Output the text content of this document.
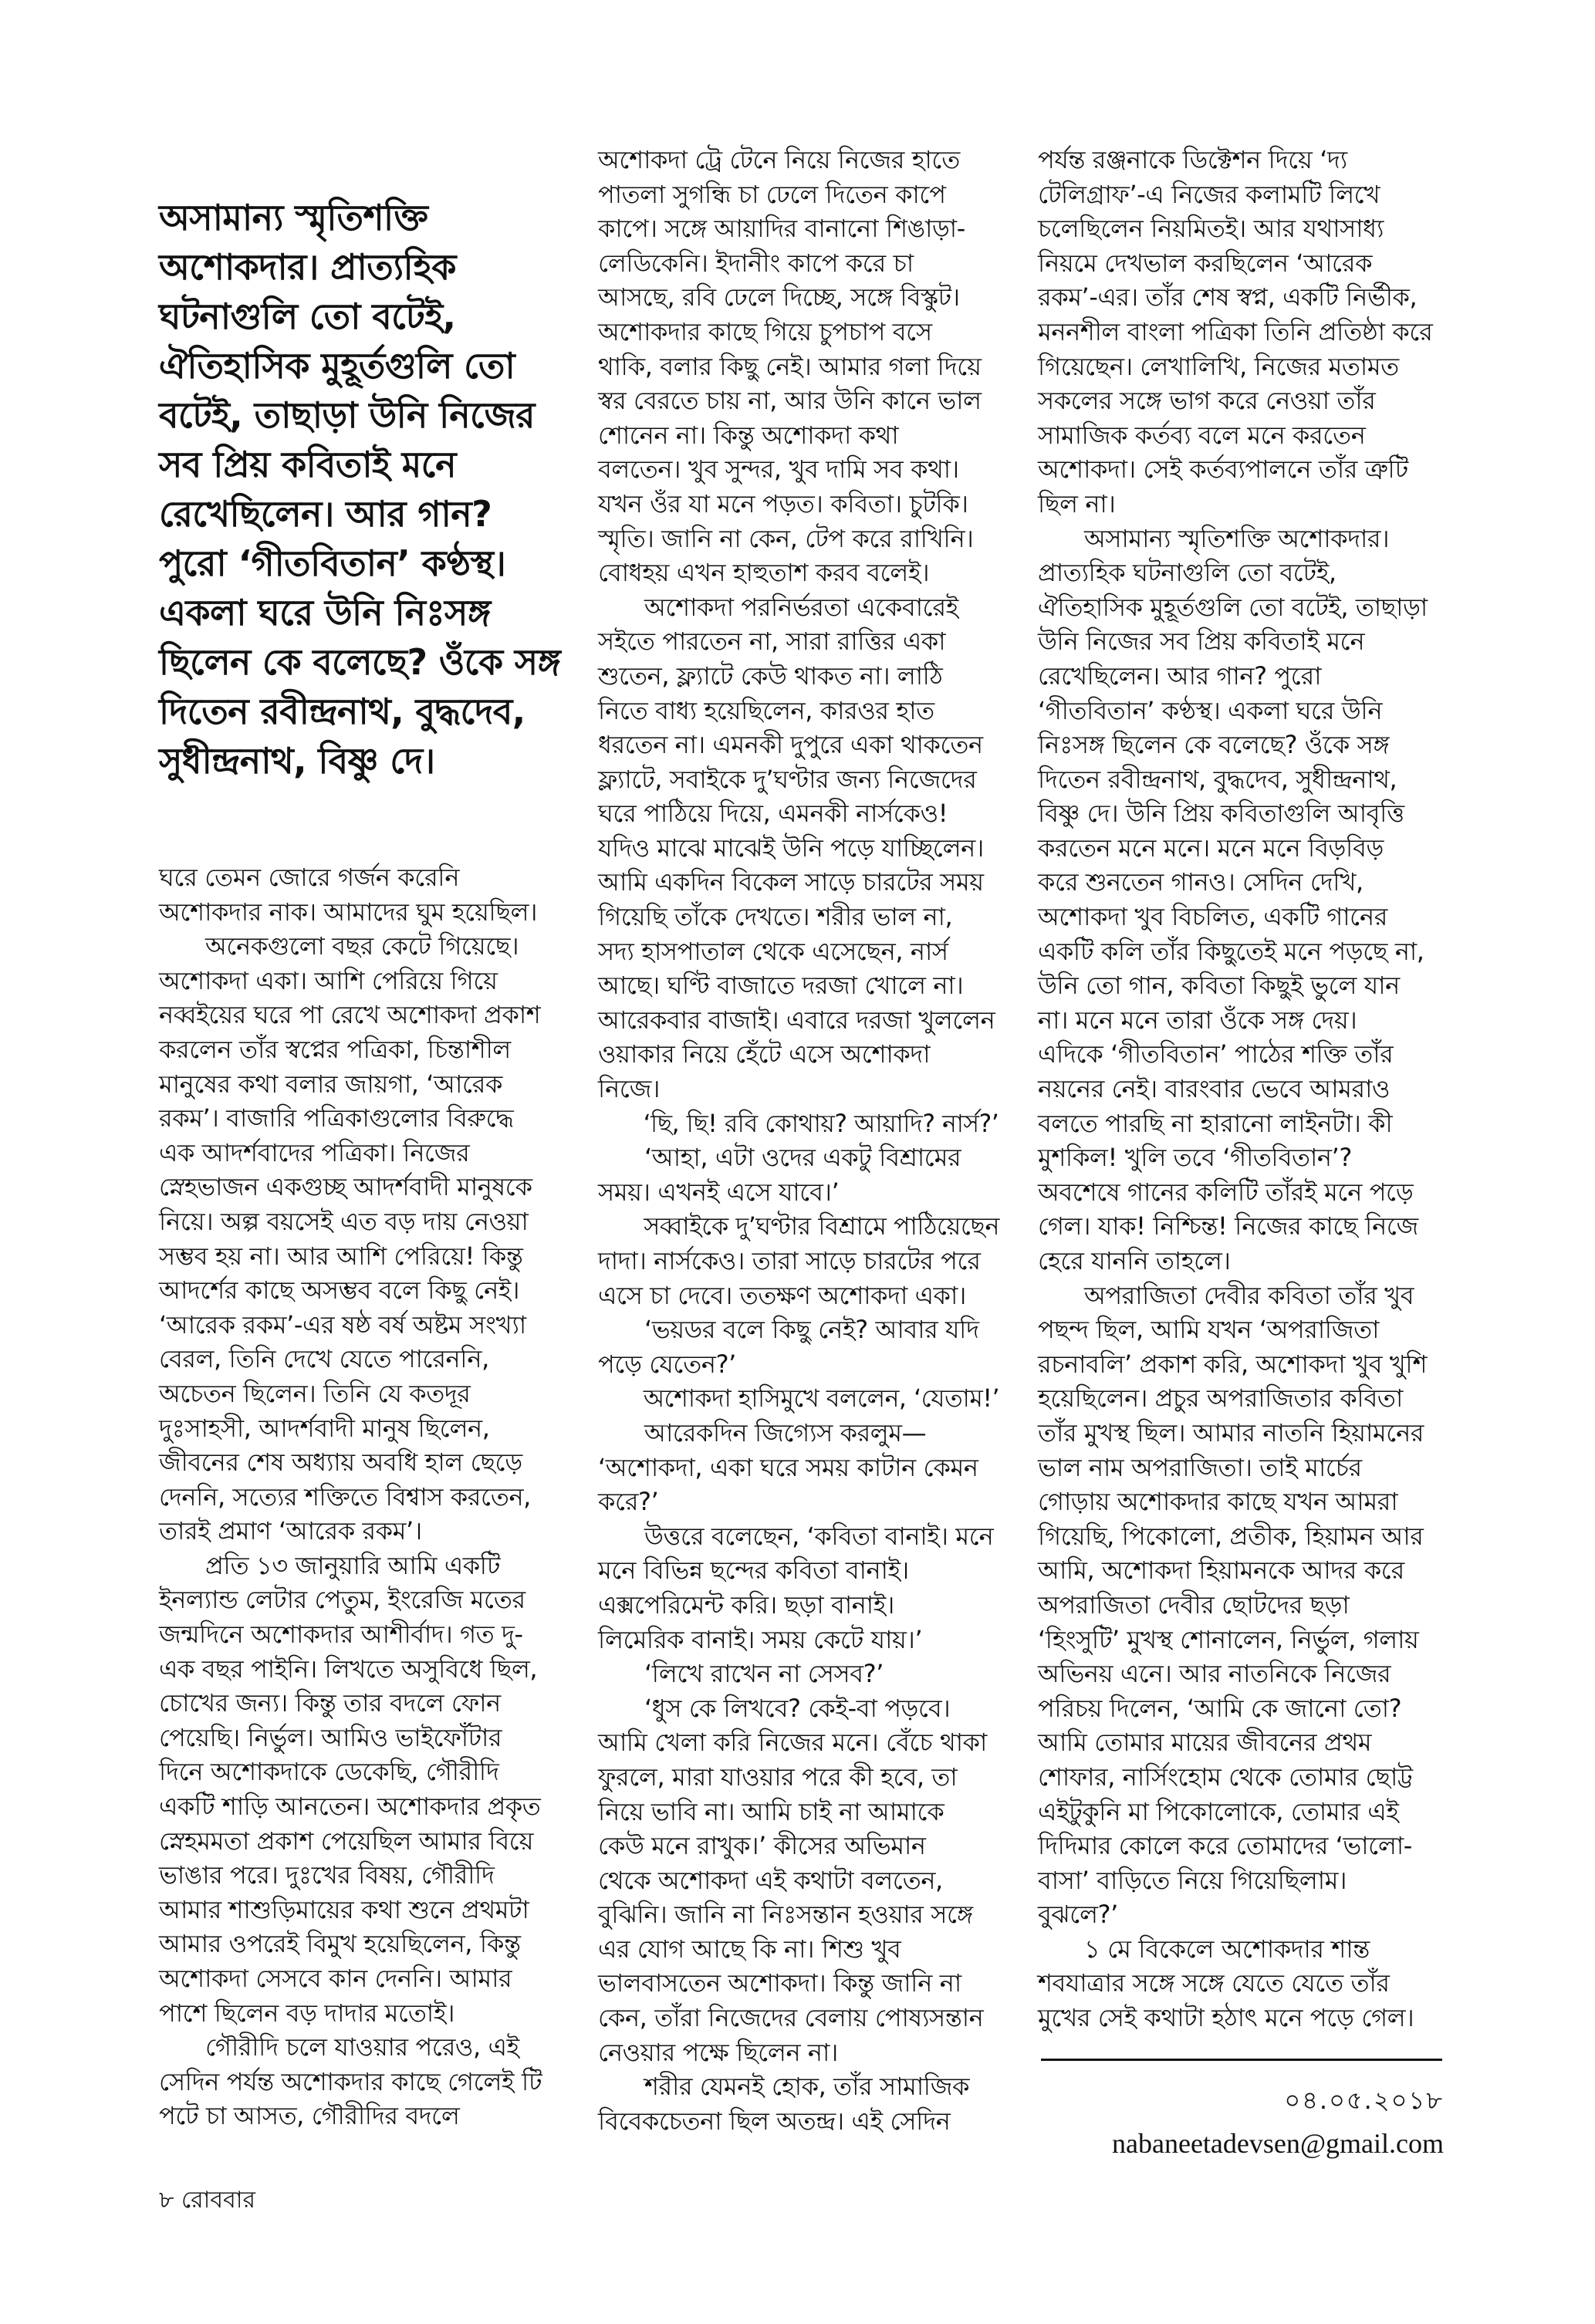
অসামান্য স্মৃতিশক্তি
অশোকদার। প্রাত্যহিক
ঘটনাগুলি তো বটেই,
ঐতিহাসিক মুহূর্তগুলি তো
বটেই, তাছাড়া উনি নিজের
সব প্রিয় কবিতাই মনে
রেখেছিলেন। আর গান?
পুরো ‘গীতবিতান’ কণ্ঠস্থ।
একলা ঘরে উনি নিঃসঙ্গ
ছিলেন কে বলেছে? ওঁকে সঙ্গ
দিতেন রবীন্দ্রনাথ, বুদ্ধদেব,
সুধীন্দ্রনাথ, বিষ্ণু দে।
ঘরে তেমন জোরে গর্জন করেনি
অশোকদার নাক। আমাদের ঘুম হয়েছিল।
অনেকগুলো বছর কেটে গিয়েছে।
অশোকদা একা। আশি পেরিয়ে গিয়ে
নব্বইয়ের ঘরে পা রেখে অশোকদা প্রকাশ
করলেন তাঁর স্বপ্নের পত্রিকা, চিন্তাশীল
মানুষের কথা বলার জায়গা, ‘আরেক
রকম’। বাজারি পত্রিকাগুলোর বিরুদ্ধে
এক আদর্শবাদের পত্রিকা। নিজের
স্নেহভাজন একগুচ্ছ আদর্শবাদী মানুষকে
নিয়ে। অল্প বয়সেই এত বড় দায় নেওয়া
সম্ভব হয় না। আর আশি পেরিয়ে! কিন্তু
আদর্শের কাছে অসম্ভব বলে কিছু নেই।
‘আরেক রকম’-এর ষষ্ঠ বর্ষ অষ্টম সংখ্যা
বেরল, তিনি দেখে যেতে পারেননি,
অচেতন ছিলেন। তিনি যে কতদূর
দুঃসাহসী, আদর্শবাদী মানুষ ছিলেন,
জীবনের শেষ অধ্যায় অবধি হাল ছেড়ে
দেননি, সত্যের শক্তিতে বিশ্বাস করতেন,
তারই প্রমাণ ‘আরেক রকম’।
প্রতি ১৩ জানুয়ারি আমি একটি
ইনল্যান্ড লেটার পেতুম, ইংরেজি মতের
জন্মদিনে অশোকদার আশীর্বাদ। গত দু-
এক বছর পাইনি। লিখতে অসুবিধে ছিল,
চোখের জন্য। কিন্তু তার বদলে ফোন
পেয়েছি। নির্ভুল। আমিও ভাইফোঁটার
দিনে অশোকদাকে ডেকেছি, গৌরীদি
একটি শাড়ি আনতেন। অশোকদার প্রকৃত
স্নেহমমতা প্রকাশ পেয়েছিল আমার বিয়ে
ভাঙার পরে। দুঃখের বিষয়, গৌরীদি
আমার শাশুড়িমায়ের কথা শুনে প্রথমটা
আমার ওপরেই বিমুখ হয়েছিলেন, কিন্তু
অশোকদা সেসবে কান দেননি। আমার
পাশে ছিলেন বড় দাদার মতোই।
গৌরীদি চলে যাওয়ার পরেও, এই
সেদিন পর্যন্ত অশোকদার কাছে গেলেই টি
পটে চা আসত, গৌরীদির বদলে
অশোকদা ট্রে টেনে নিয়ে নিজের হাতে
পাতলা সুগন্ধি চা ঢেলে দিতেন কাপে
কাপে। সঙ্গে আয়াদির বানানো শিঙাড়া-
লেডিকেনি। ইদানীং কাপে করে চা
আসছে, রবি ঢেলে দিচ্ছে, সঙ্গে বিস্কুট।
অশোকদার কাছে গিয়ে চুপচাপ বসে
থাকি, বলার কিছু নেই। আমার গলা দিয়ে
স্বর বেরতে চায় না, আর উনি কানে ভাল
শোনেন না। কিন্তু অশোকদা কথা
বলতেন। খুব সুন্দর, খুব দামি সব কথা।
যখন ওঁর যা মনে পড়ত। কবিতা। চুটকি।
স্মৃতি। জানি না কেন, টেপ করে রাখিনি।
বোধহয় এখন হাহুতাশ করব বলেই।
অশোকদা পরনির্ভরতা একেবারেই
সইতে পারতেন না, সারা রাত্তির একা
শুতেন, ফ্ল্যাটে কেউ থাকত না। লাঠি
নিতে বাধ্য হয়েছিলেন, কারওর হাত
ধরতেন না। এমনকী দুপুরে একা থাকতেন
ফ্ল্যাটে, সবাইকে দু’ঘণ্টার জন্য নিজেদের
ঘরে পাঠিয়ে দিয়ে, এমনকী নার্সকেও!
যদিও মাঝে মাঝেই উনি পড়ে যাচ্ছিলেন।
আমি একদিন বিকেল সাড়ে চারটের সময়
গিয়েছি তাঁকে দেখতে। শরীর ভাল না,
সদ্য হাসপাতাল থেকে এসেছেন, নার্স
আছে। ঘণ্টি বাজাতে দরজা খোলে না।
আরেকবার বাজাই। এবারে দরজা খুললেন
ওয়াকার নিয়ে হেঁটে এসে অশোকদা
নিজে।
‘ছি, ছি! রবি কোথায়? আয়াদি? নার্স?’
‘আহা, এটা ওদের একটু বিশ্রামের
সময়। এখনই এসে যাবে।’
সব্বাইকে দু’ঘণ্টার বিশ্রামে পাঠিয়েছেন
দাদা। নার্সকেও। তারা সাড়ে চারটের পরে
এসে চা দেবে। ততক্ষণ অশোকদা একা।
‘ভয়ডর বলে কিছু নেই? আবার যদি
পড়ে যেতেন?’
অশোকদা হাসিমুখে বললেন, ‘যেতাম!’
আরেকদিন জিগ্যেস করলুম—
‘অশোকদা, একা ঘরে সময় কাটান কেমন
করে?’
উত্তরে বলেছেন, ‘কবিতা বানাই। মনে
মনে বিভিন্ন ছন্দের কবিতা বানাই।
এক্সপেরিমেন্ট করি। ছড়া বানাই।
লিমেরিক বানাই। সময় কেটে যায়।’
‘লিখে রাখেন না সেসব?’
‘ধুস কে লিখবে? কেই-বা পড়বে।
আমি খেলা করি নিজের মনে। বেঁচে থাকা
ফুরলে, মারা যাওয়ার পরে কী হবে, তা
নিয়ে ভাবি না। আমি চাই না আমাকে
কেউ মনে রাখুক।’ কীসের অভিমান
থেকে অশোকদা এই কথাটা বলতেন,
বুঝিনি। জানি না নিঃসন্তান হওয়ার সঙ্গে
এর যোগ আছে কি না। শিশু খুব
ভালবাসতেন অশোকদা। কিন্তু জানি না
কেন, তাঁরা নিজেদের বেলায় পোষ্যসন্তান
নেওয়ার পক্ষে ছিলেন না।
শরীর যেমনই হোক, তাঁর সামাজিক
বিবেকচেতনা ছিল অতন্দ্র। এই সেদিন
পর্যন্ত রঞ্জনাকে ডিক্টেশন দিয়ে ‘দ্য
টেলিগ্রাফ’-এ নিজের কলামটি লিখে
চলেছিলেন নিয়মিতই। আর যথাসাধ্য
নিয়মে দেখভাল করছিলেন ‘আরেক
রকম’-এর। তাঁর শেষ স্বপ্ন, একটি নির্ভীক,
মননশীল বাংলা পত্রিকা তিনি প্রতিষ্ঠা করে
গিয়েছেন। লেখালিখি, নিজের মতামত
সকলের সঙ্গে ভাগ করে নেওয়া তাঁর
সামাজিক কর্তব্য বলে মনে করতেন
অশোকদা। সেই কর্তব্যপালনে তাঁর ত্রুটি
ছিল না।
অসামান্য স্মৃতিশক্তি অশোকদার।
প্রাত্যহিক ঘটনাগুলি তো বটেই,
ঐতিহাসিক মুহূর্তগুলি তো বটেই, তাছাড়া
উনি নিজের সব প্রিয় কবিতাই মনে
রেখেছিলেন। আর গান? পুরো
‘গীতবিতান’ কণ্ঠস্থ। একলা ঘরে উনি
নিঃসঙ্গ ছিলেন কে বলেছে? ওঁকে সঙ্গ
দিতেন রবীন্দ্রনাথ, বুদ্ধদেব, সুধীন্দ্রনাথ,
বিষ্ণু দে। উনি প্রিয় কবিতাগুলি আবৃত্তি
করতেন মনে মনে। মনে মনে বিড়বিড়
করে শুনতেন গানও। সেদিন দেখি,
অশোকদা খুব বিচলিত, একটি গানের
একটি কলি তাঁর কিছুতেই মনে পড়ছে না,
উনি তো গান, কবিতা কিছুই ভুলে যান
না। মনে মনে তারা ওঁকে সঙ্গ দেয়।
এদিকে ‘গীতবিতান’ পাঠের শক্তি তাঁর
নয়নের নেই। বারংবার ভেবে আমরাও
বলতে পারছি না হারানো লাইনটা। কী
মুশকিল! খুলি তবে ‘গীতবিতান’?
অবশেষে গানের কলিটি তাঁরই মনে পড়ে
গেল। যাক! নিশ্চিন্ত! নিজের কাছে নিজে
হেরে যাননি তাহলে।
অপরাজিতা দেবীর কবিতা তাঁর খুব
পছন্দ ছিল, আমি যখন ‘অপরাজিতা
রচনাবলি’ প্রকাশ করি, অশোকদা খুব খুশি
হয়েছিলেন। প্রচুর অপরাজিতার কবিতা
তাঁর মুখস্থ ছিল। আমার নাতনি হিয়ামনের
ভাল নাম অপরাজিতা। তাই মার্চের
গোড়ায় অশোকদার কাছে যখন আমরা
গিয়েছি, পিকোলো, প্রতীক, হিয়ামন আর
আমি, অশোকদা হিয়ামনকে আদর করে
অপরাজিতা দেবীর ছোটদের ছড়া
‘হিংসুটি’ মুখস্থ শোনালেন, নির্ভুল, গলায়
অভিনয় এনে। আর নাতনিকে নিজের
পরিচয় দিলেন, ‘আমি কে জানো তো?
আমি তোমার মায়ের জীবনের প্রথম
শোফার, নার্সিংহোম থেকে তোমার ছোট্ট
এইটুকুনি মা পিকোলোকে, তোমার এই
দিদিমার কোলে করে তোমাদের ‘ভালো-
বাসা’ বাড়িতে নিয়ে গিয়েছিলাম।
বুঝলে?’
১ মে বিকেলে অশোকদার শান্ত
শবযাত্রার সঙ্গে সঙ্গে যেতে যেতে তাঁর
মুখের সেই কথাটা হঠাৎ মনে পড়ে গেল।
০৪.০৫.২০১৮
nabaneetadevsen@gmail.com
৮ রোববার
